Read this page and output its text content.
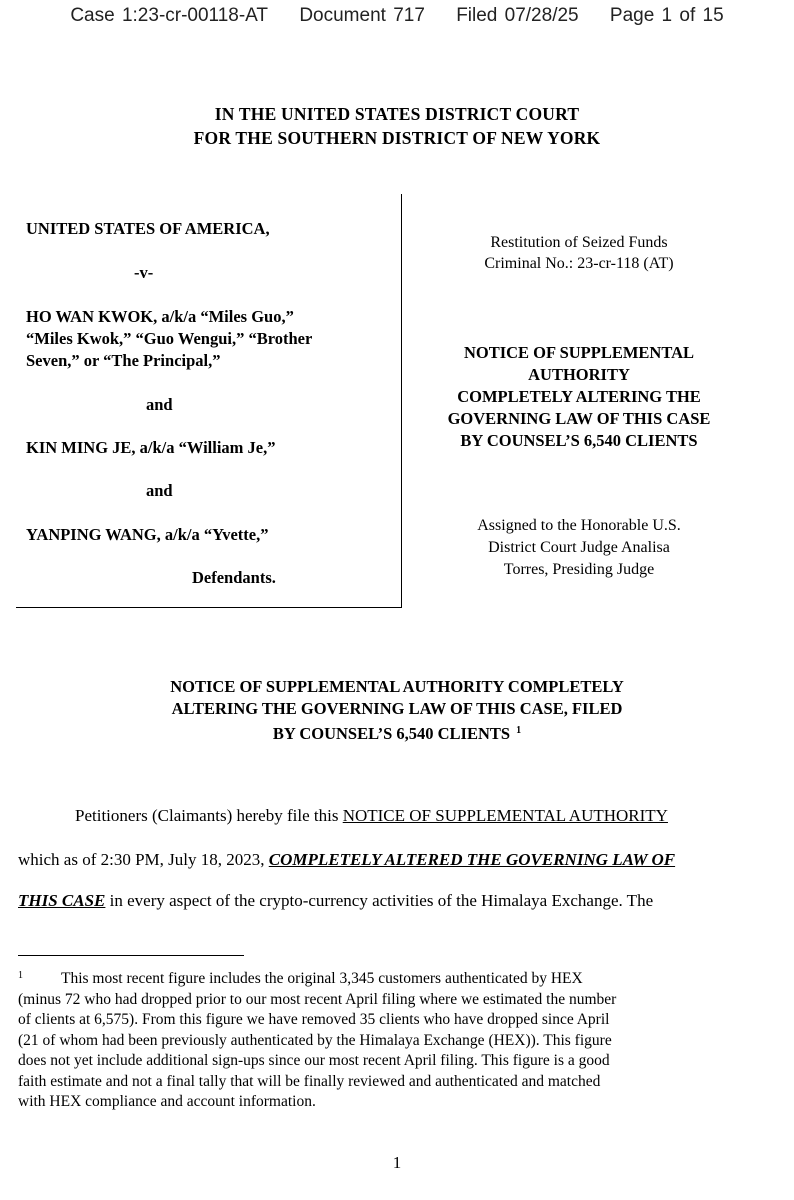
Case 1:23-cr-00118-AT Document 717 Filed 07/28/25 Page 1 of 15
IN THE UNITED STATES DISTRICT COURT
FOR THE SOUTHERN DISTRICT OF NEW YORK
UNITED STATES OF AMERICA,
-v-
HO WAN KWOK, a/k/a “Miles Guo,”
“Miles Kwok,” “Guo Wengui,” “Brother
Seven,” or “The Principal,”
and
KIN MING JE, a/k/a “William Je,”
and
YANPING WANG, a/k/a “Yvette,”
Defendants.
Restitution of Seized Funds
Criminal No.: 23-cr-118 (AT)
NOTICE OF SUPPLEMENTAL
AUTHORITY
COMPLETELY ALTERING THE
GOVERNING LAW OF THIS CASE
BY COUNSEL’S 6,540 CLIENTS
Assigned to the Honorable U.S.
District Court Judge Analisa
Torres, Presiding Judge
NOTICE OF SUPPLEMENTAL AUTHORITY COMPLETELY
ALTERING THE GOVERNING LAW OF THIS CASE, FILED
BY COUNSEL’S 6,540 CLIENTS $^1$
Petitioners (Claimants) hereby file this NOTICE OF SUPPLEMENTAL AUTHORITY
which as of 2:30 PM, July 18, 2023, COMPLETELY ALTERED THE GOVERNING LAW OF
THIS CASE in every aspect of the crypto-currency activities of the Himalaya Exchange. The
$^1$ This most recent figure includes the original 3,345 customers authenticated by HEX
(minus 72 who had dropped prior to our most recent April filing where we estimated the number
of clients at 6,575). From this figure we have removed 35 clients who have dropped since April
(21 of whom had been previously authenticated by the Himalaya Exchange (HEX)). This figure
does not yet include additional sign-ups since our most recent April filing. This figure is a good
faith estimate and not a final tally that will be finally reviewed and authenticated and matched
with HEX compliance and account information.
1
